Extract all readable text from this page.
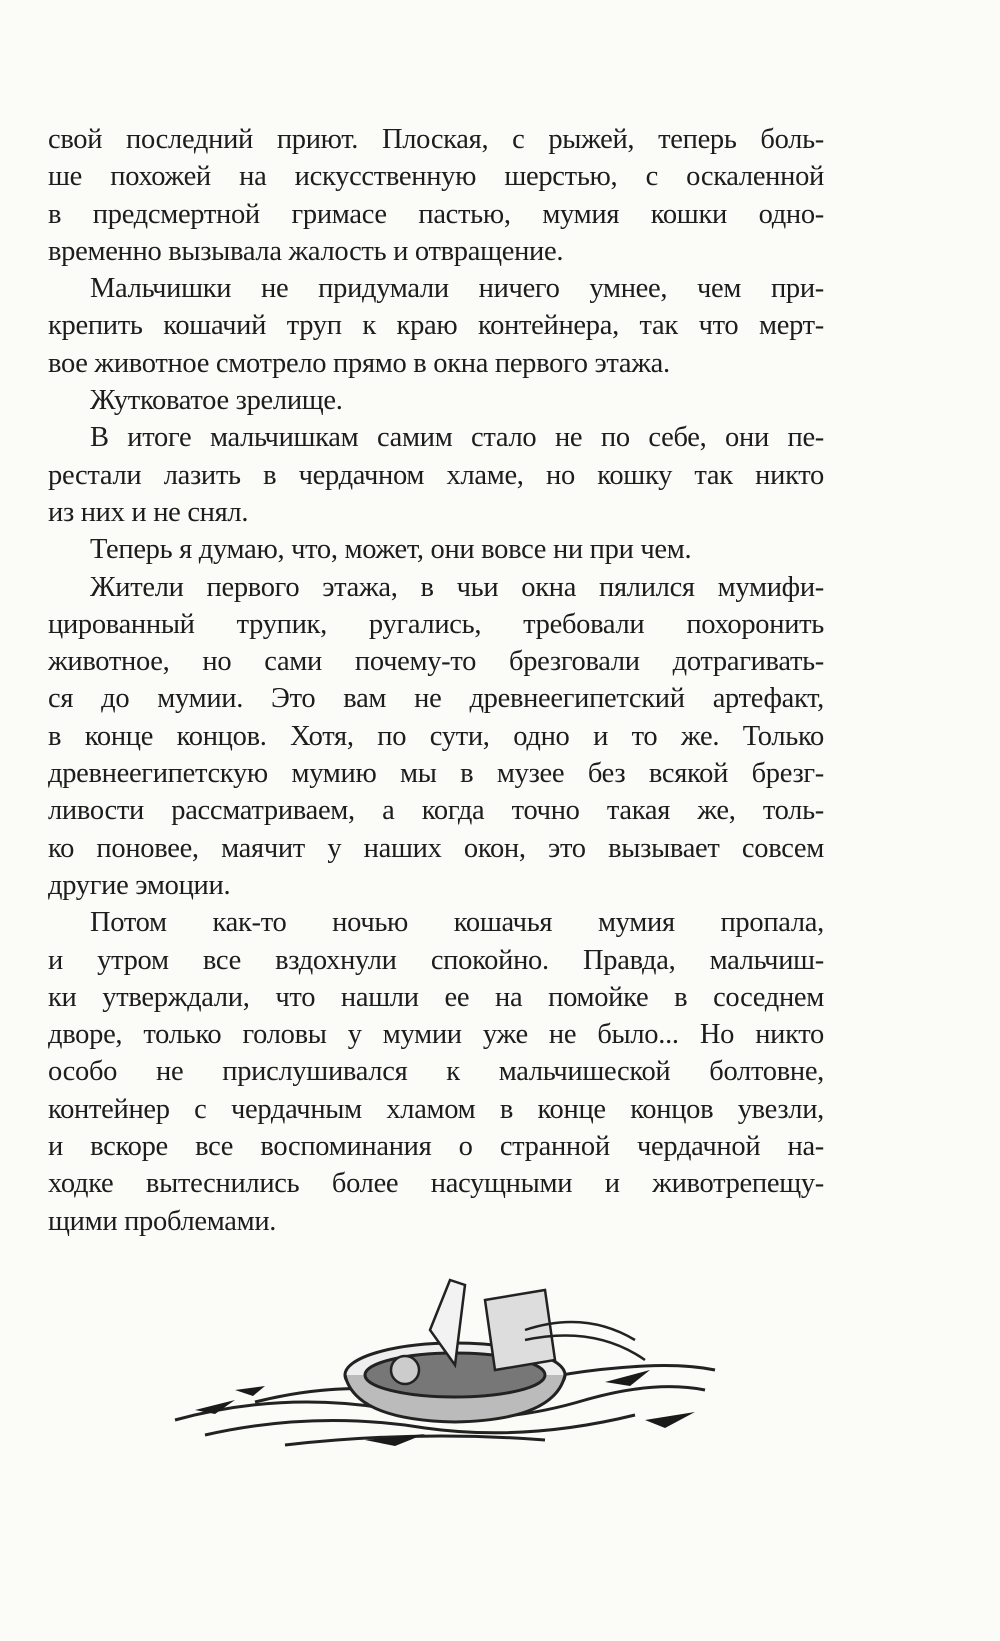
свой последний приют. Плоская, с рыжей, теперь боль-
ше похожей на искусственную шерстью, с оскаленной
в предсмертной гримасе пастью, мумия кошки одно-
временно вызывала жалость и отвращение.
Мальчишки не придумали ничего умнее, чем при-
крепить кошачий труп к краю контейнера, так что мерт-
вое животное смотрело прямо в окна первого этажа.
Жутковатое зрелище.
В итоге мальчишкам самим стало не по себе, они пе-
рестали лазить в чердачном хламе, но кошку так никто
из них и не снял.
Теперь я думаю, что, может, они вовсе ни при чем.
Жители первого этажа, в чьи окна пялился мумифи-
цированный трупик, ругались, требовали похоронить
животное, но сами почему-то брезговали дотрагивать-
ся до мумии. Это вам не древнеегипетский артефакт,
в конце концов. Хотя, по сути, одно и то же. Только
древнеегипетскую мумию мы в музее без всякой брезг-
ливости рассматриваем, а когда точно такая же, толь-
ко поновее, маячит у наших окон, это вызывает совсем
другие эмоции.
Потом как-то ночью кошачья мумия пропала,
и утром все вздохнули спокойно. Правда, мальчиш-
ки утверждали, что нашли ее на помойке в соседнем
дворе, только головы у мумии уже не было... Но никто
особо не прислушивался к мальчишеской болтовне,
контейнер с чердачным хламом в конце концов увезли,
и вскоре все воспоминания о странной чердачной на-
ходке вытеснились более насущными и животрепещу-
щими проблемами.
